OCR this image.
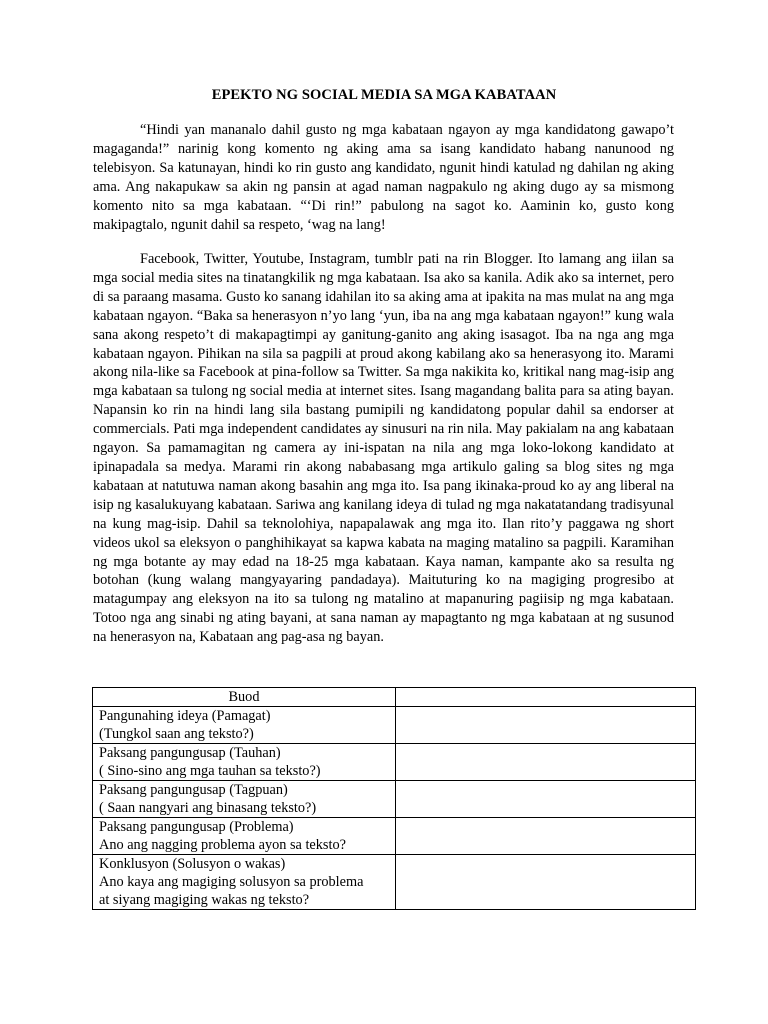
EPEKTO NG SOCIAL MEDIA SA MGA KABATAAN

“Hindi yan mananalo dahil gusto ng mga kabataan ngayon ay mga kandidatong gawapo’t magaganda!” narinig kong komento ng aking ama sa isang kandidato habang nanunood ng telebisyon. Sa katunayan, hindi ko rin gusto ang kandidato, ngunit hindi katulad ng dahilan ng aking ama. Ang nakapukaw sa akin ng pansin at agad naman nagpakulo ng aking dugo ay sa mismong komento nito sa mga kabataan. “‘Di rin!” pabulong na sagot ko. Aaminin ko, gusto kong makipagtalo, ngunit dahil sa respeto, ‘wag na lang!

Facebook, Twitter, Youtube, Instagram, tumblr pati na rin Blogger. Ito lamang ang iilan sa mga social media sites na tinatangkilik ng mga kabataan. Isa ako sa kanila. Adik ako sa internet, pero di sa paraang masama. Gusto ko sanang idahilan ito sa aking ama at ipakita na mas mulat na ang mga kabataan ngayon. “Baka sa henerasyon n’yo lang ‘yun, iba na ang mga kabataan ngayon!” kung wala sana akong respeto’t di makapagtimpi ay ganitung-ganito ang aking isasagot. Iba na nga ang mga kabataan ngayon. Pihikan na sila sa pagpili at proud akong kabilang ako sa henerasyong ito. Marami akong nila-like sa Facebook at pina-follow sa Twitter. Sa mga nakikita ko, kritikal nang mag-isip ang mga kabataan sa tulong ng social media at internet sites. Isang magandang balita para sa ating bayan. Napansin ko rin na hindi lang sila bastang pumipili ng kandidatong popular dahil sa endorser at commercials. Pati mga independent candidates ay sinusuri na rin nila. May pakialam na ang kabataan ngayon. Sa pamamagitan ng camera ay ini-ispatan na nila ang mga loko-lokong kandidato at ipinapadala sa medya. Marami rin akong nababasang mga artikulo galing sa blog sites ng mga kabataan at natutuwa naman akong basahin ang mga ito. Isa pang ikinaka-proud ko ay ang liberal na isip ng kasalukuyang kabataan. Sariwa ang kanilang ideya di tulad ng mga nakatatandang tradisyunal na kung mag-isip. Dahil sa teknolohiya, napapalawak ang mga ito. Ilan rito’y paggawa ng short videos ukol sa eleksyon o panghihikayat sa kapwa kabata na maging matalino sa pagpili. Karamihan ng mga botante ay may edad na 18-25 mga kabataan. Kaya naman, kampante ako sa resulta ng botohan (kung walang mangyayaring pandadaya). Maituturing ko na magiging progresibo at matagumpay ang eleksyon na ito sa tulong ng matalino at mapanuring pagiisip ng mga kabataan. Totoo nga ang sinabi ng ating bayani, at sana naman ay mapagtanto ng mga kabataan at ng susunod na henerasyon na, Kabataan ang pag-asa ng bayan.

Buod	

Pangunahing ideya (Pamagat)
(Tungkol saan ang teksto?)	

Paksang pangungusap (Tauhan)
( Sino-sino ang mga tauhan sa teksto?)	

Paksang pangungusap (Tagpuan)
( Saan nangyari ang binasang teksto?)	

Paksang pangungusap (Problema)
Ano ang nagging problema ayon sa teksto?	

Konklusyon (Solusyon o wakas)
Ano kaya ang magiging solusyon sa problema
at siyang magiging wakas ng teksto?	
